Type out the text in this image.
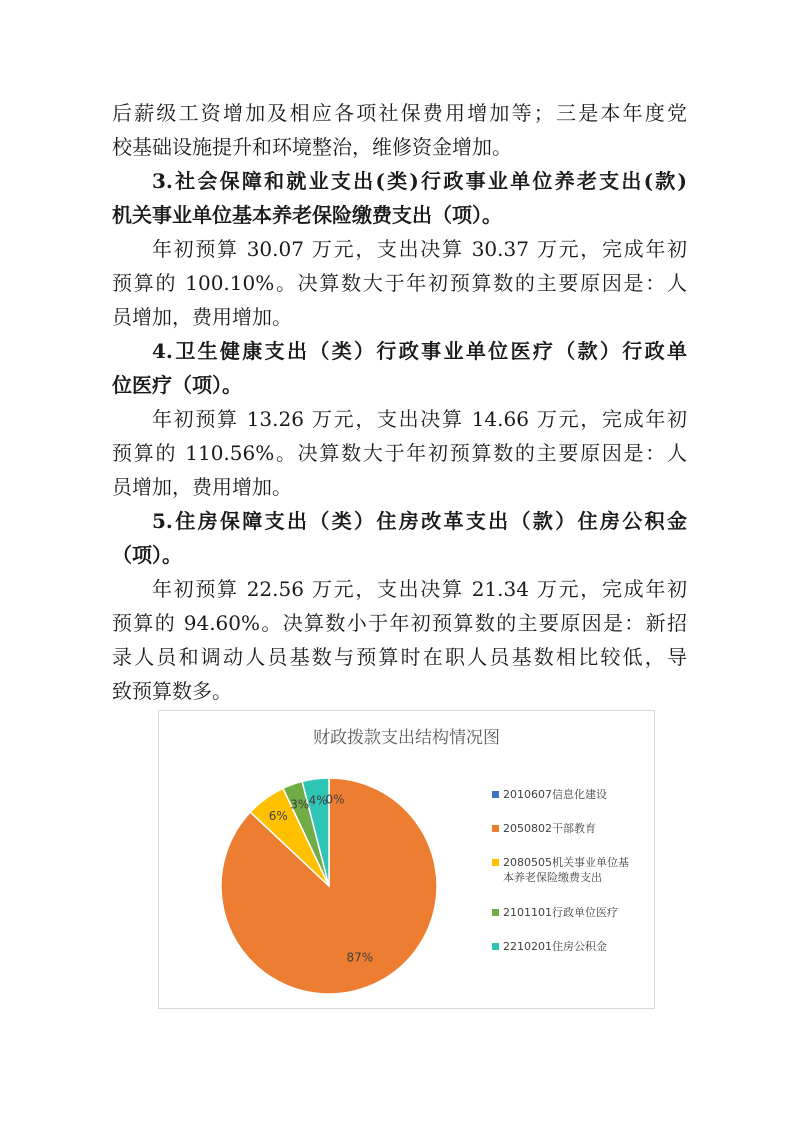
后薪级工资增加及相应各项社保费用增加等；三是本年度党
校基础设施提升和环境整治，维修资金增加。
3.社会保障和就业支出(类)行政事业单位养老支出(款)
机关事业单位基本养老保险缴费支出（项）。
年初预算 30.07 万元，支出决算 30.37 万元，完成年初
预算的 100.10%。决算数大于年初预算数的主要原因是：人
员增加，费用增加。
4.卫生健康支出（类）行政事业单位医疗（款）行政单
位医疗（项）。
年初预算 13.26 万元，支出决算 14.66 万元，完成年初
预算的 110.56%。决算数大于年初预算数的主要原因是：人
员增加，费用增加。
5.住房保障支出（类）住房改革支出（款）住房公积金
（项）。
年初预算 22.56 万元，支出决算 21.34 万元，完成年初
预算的 94.60%。决算数小于年初预算数的主要原因是：新招
录人员和调动人员基数与预算时在职人员基数相比较低，导
致预算数多。
财政拨款支出结构情况图
87%
6%
3% 4%
0%	2010607信息化建设
2050802干部教育
2080505机关事业单位基
本养老保险缴费支出
2101101行政单位医疗
2210201住房公积金
